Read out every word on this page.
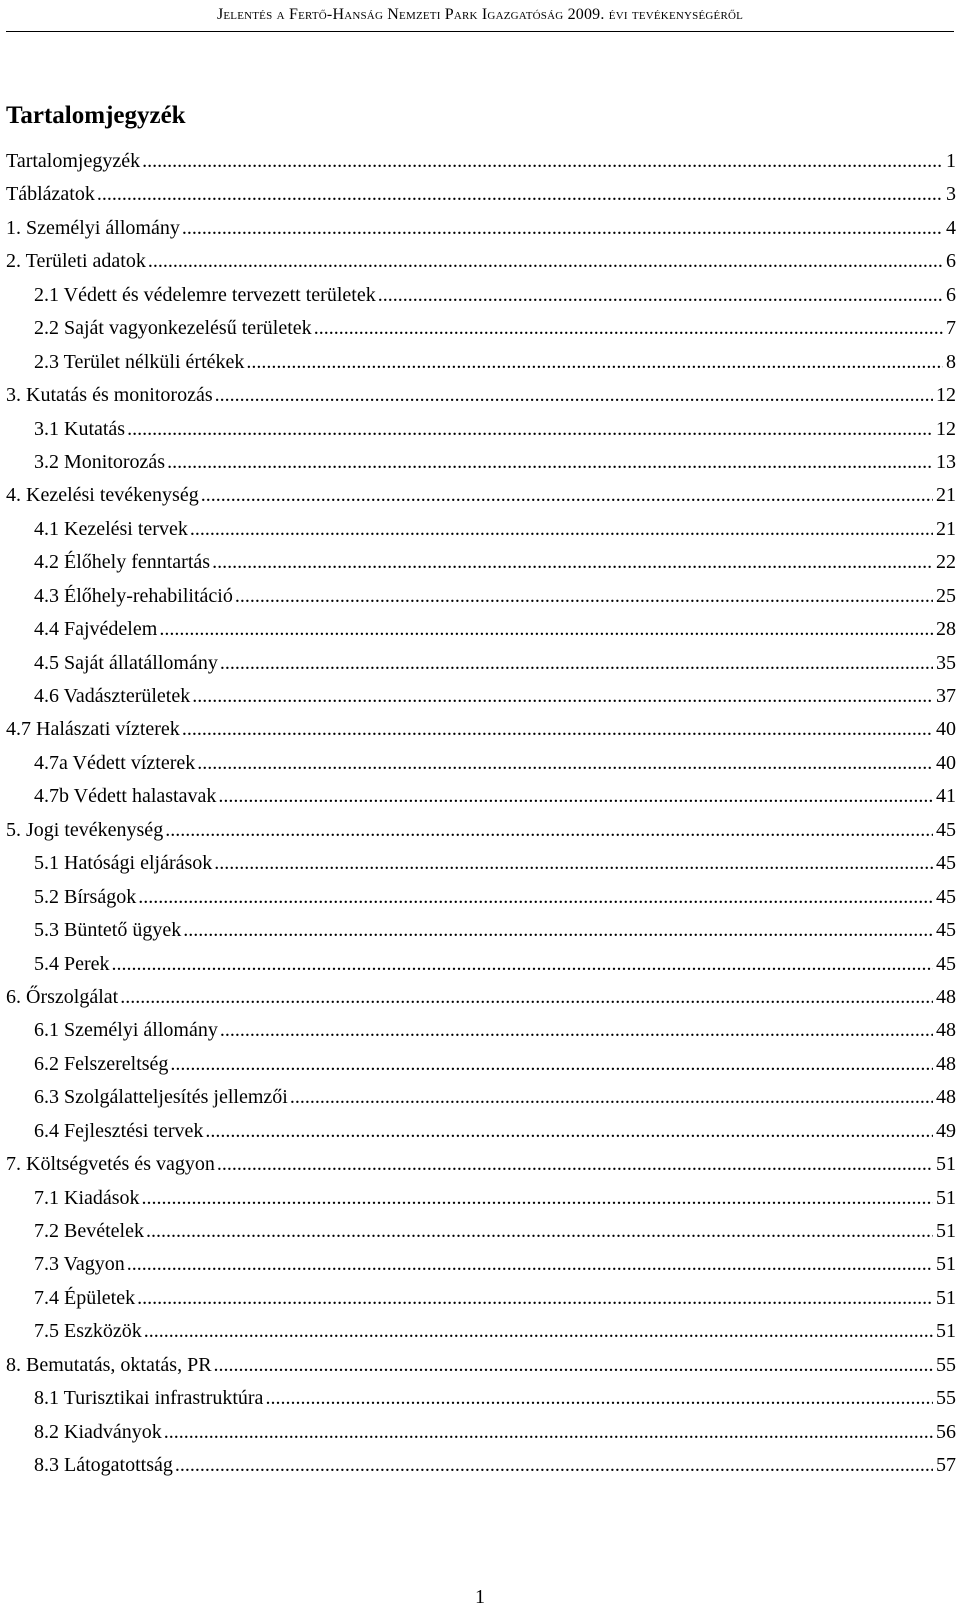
Jelentés a Fertő-Hanság Nemzeti Park Igazgatóság 2009. évi tevékenységéről
Tartalomjegyzék
Tartalomjegyzék .....	1
Táblázatok .....	3
1. Személyi állomány .....	4
2. Területi adatok .....	6
2.1 Védett és védelemre tervezett területek .....	6
2.2 Saját vagyonkezelésű területek .....	7
2.3 Terület nélküli értékek .....	8
3. Kutatás és monitorozás .....	12
3.1 Kutatás .....	12
3.2 Monitorozás .....	13
4. Kezelési tevékenység .....	21
4.1 Kezelési tervek .....	21
4.2 Élőhely fenntartás .....	22
4.3 Élőhely-rehabilitáció .....	25
4.4 Fajvédelem .....	28
4.5 Saját állatállomány .....	35
4.6 Vadászterületek .....	37
4.7 Halászati vízterek .....	40
4.7a Védett vízterek .....	40
4.7b Védett halastavak .....	41
5. Jogi tevékenység .....	45
5.1 Hatósági eljárások .....	45
5.2 Bírságok .....	45
5.3 Büntető ügyek .....	45
5.4 Perek .....	45
6. Őrszolgálat .....	48
6.1 Személyi állomány .....	48
6.2 Felszereltség .....	48
6.3 Szolgálatteljesítés jellemzői .....	48
6.4 Fejlesztési tervek .....	49
7. Költségvetés és vagyon .....	51
7.1 Kiadások .....	51
7.2 Bevételek .....	51
7.3 Vagyon .....	51
7.4 Épületek .....	51
7.5 Eszközök .....	51
8. Bemutatás, oktatás, PR .....	55
8.1 Turisztikai infrastruktúra .....	55
8.2 Kiadványok .....	56
8.3 Látogatottság .....	57
1
